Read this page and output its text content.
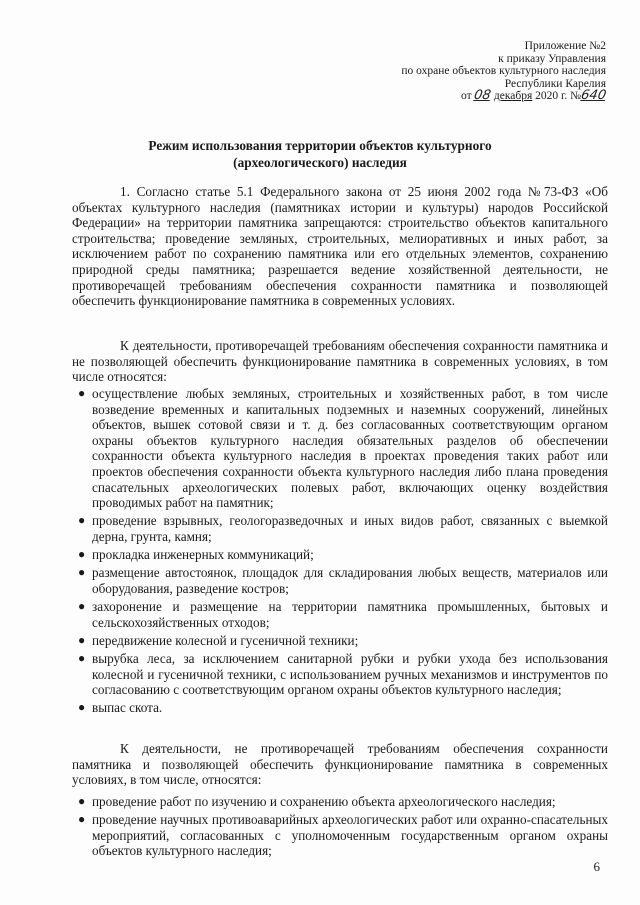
Приложение №2
к приказу Управления
по охране объектов культурного наследия
Республики Карелия
от 08 декабря 2020 г. №640
Режим использования территории объектов культурного (археологического) наследия

1. Согласно статье 5.1 Федерального закона от 25 июня 2002 года №73-ФЗ «Об объектах культурного наследия (памятниках истории и культуры) народов Российской Федерации» на территории памятника запрещаются: строительство объектов капитального строительства; проведение земляных, строительных, мелиоративных и иных работ, за исключением работ по сохранению памятника или его отдельных элементов, сохранению природной среды памятника; разрешается ведение хозяйственной деятельности, не противоречащей требованиям обеспечения сохранности памятника и позволяющей обеспечить функционирование памятника в современных условиях.

К деятельности, противоречащей требованиям обеспечения сохранности памятника и не позволяющей обеспечить функционирование памятника в современных условиях, в том числе относятся:

● осуществление любых земляных, строительных и хозяйственных работ, в том числе возведение временных и капитальных подземных и наземных сооружений, линейных объектов, вышек сотовой связи и т. д. без согласованных соответствующим органом охраны объектов культурного наследия обязательных разделов об обеспечении сохранности объекта культурного наследия в проектах проведения таких работ или проектов обеспечения сохранности объекта культурного наследия либо плана проведения спасательных археологических полевых работ, включающих оценку воздействия проводимых работ на памятник;
● проведение взрывных, геологоразведочных и иных видов работ, связанных с выемкой дерна, грунта, камня;
● прокладка инженерных коммуникаций;
● размещение автостоянок, площадок для складирования любых веществ, материалов или оборудования, разведение костров;
● захоронение и размещение на территории памятника промышленных, бытовых и сельскохозяйственных отходов;
● передвижение колесной и гусеничной техники;
● вырубка леса, за исключением санитарной рубки и рубки ухода без использования колесной и гусеничной техники, с использованием ручных механизмов и инструментов по согласованию с соответствующим органом охраны объектов культурного наследия;
● выпас скота.

К деятельности, не противоречащей требованиям обеспечения сохранности памятника и позволяющей обеспечить функционирование памятника в современных условиях, в том числе, относятся:

● проведение работ по изучению и сохранению объекта археологического наследия;
● проведение научных противоаварийных археологических работ или охранно-спасательных мероприятий, согласованных с уполномоченным государственным органом охраны объектов культурного наследия;
6
